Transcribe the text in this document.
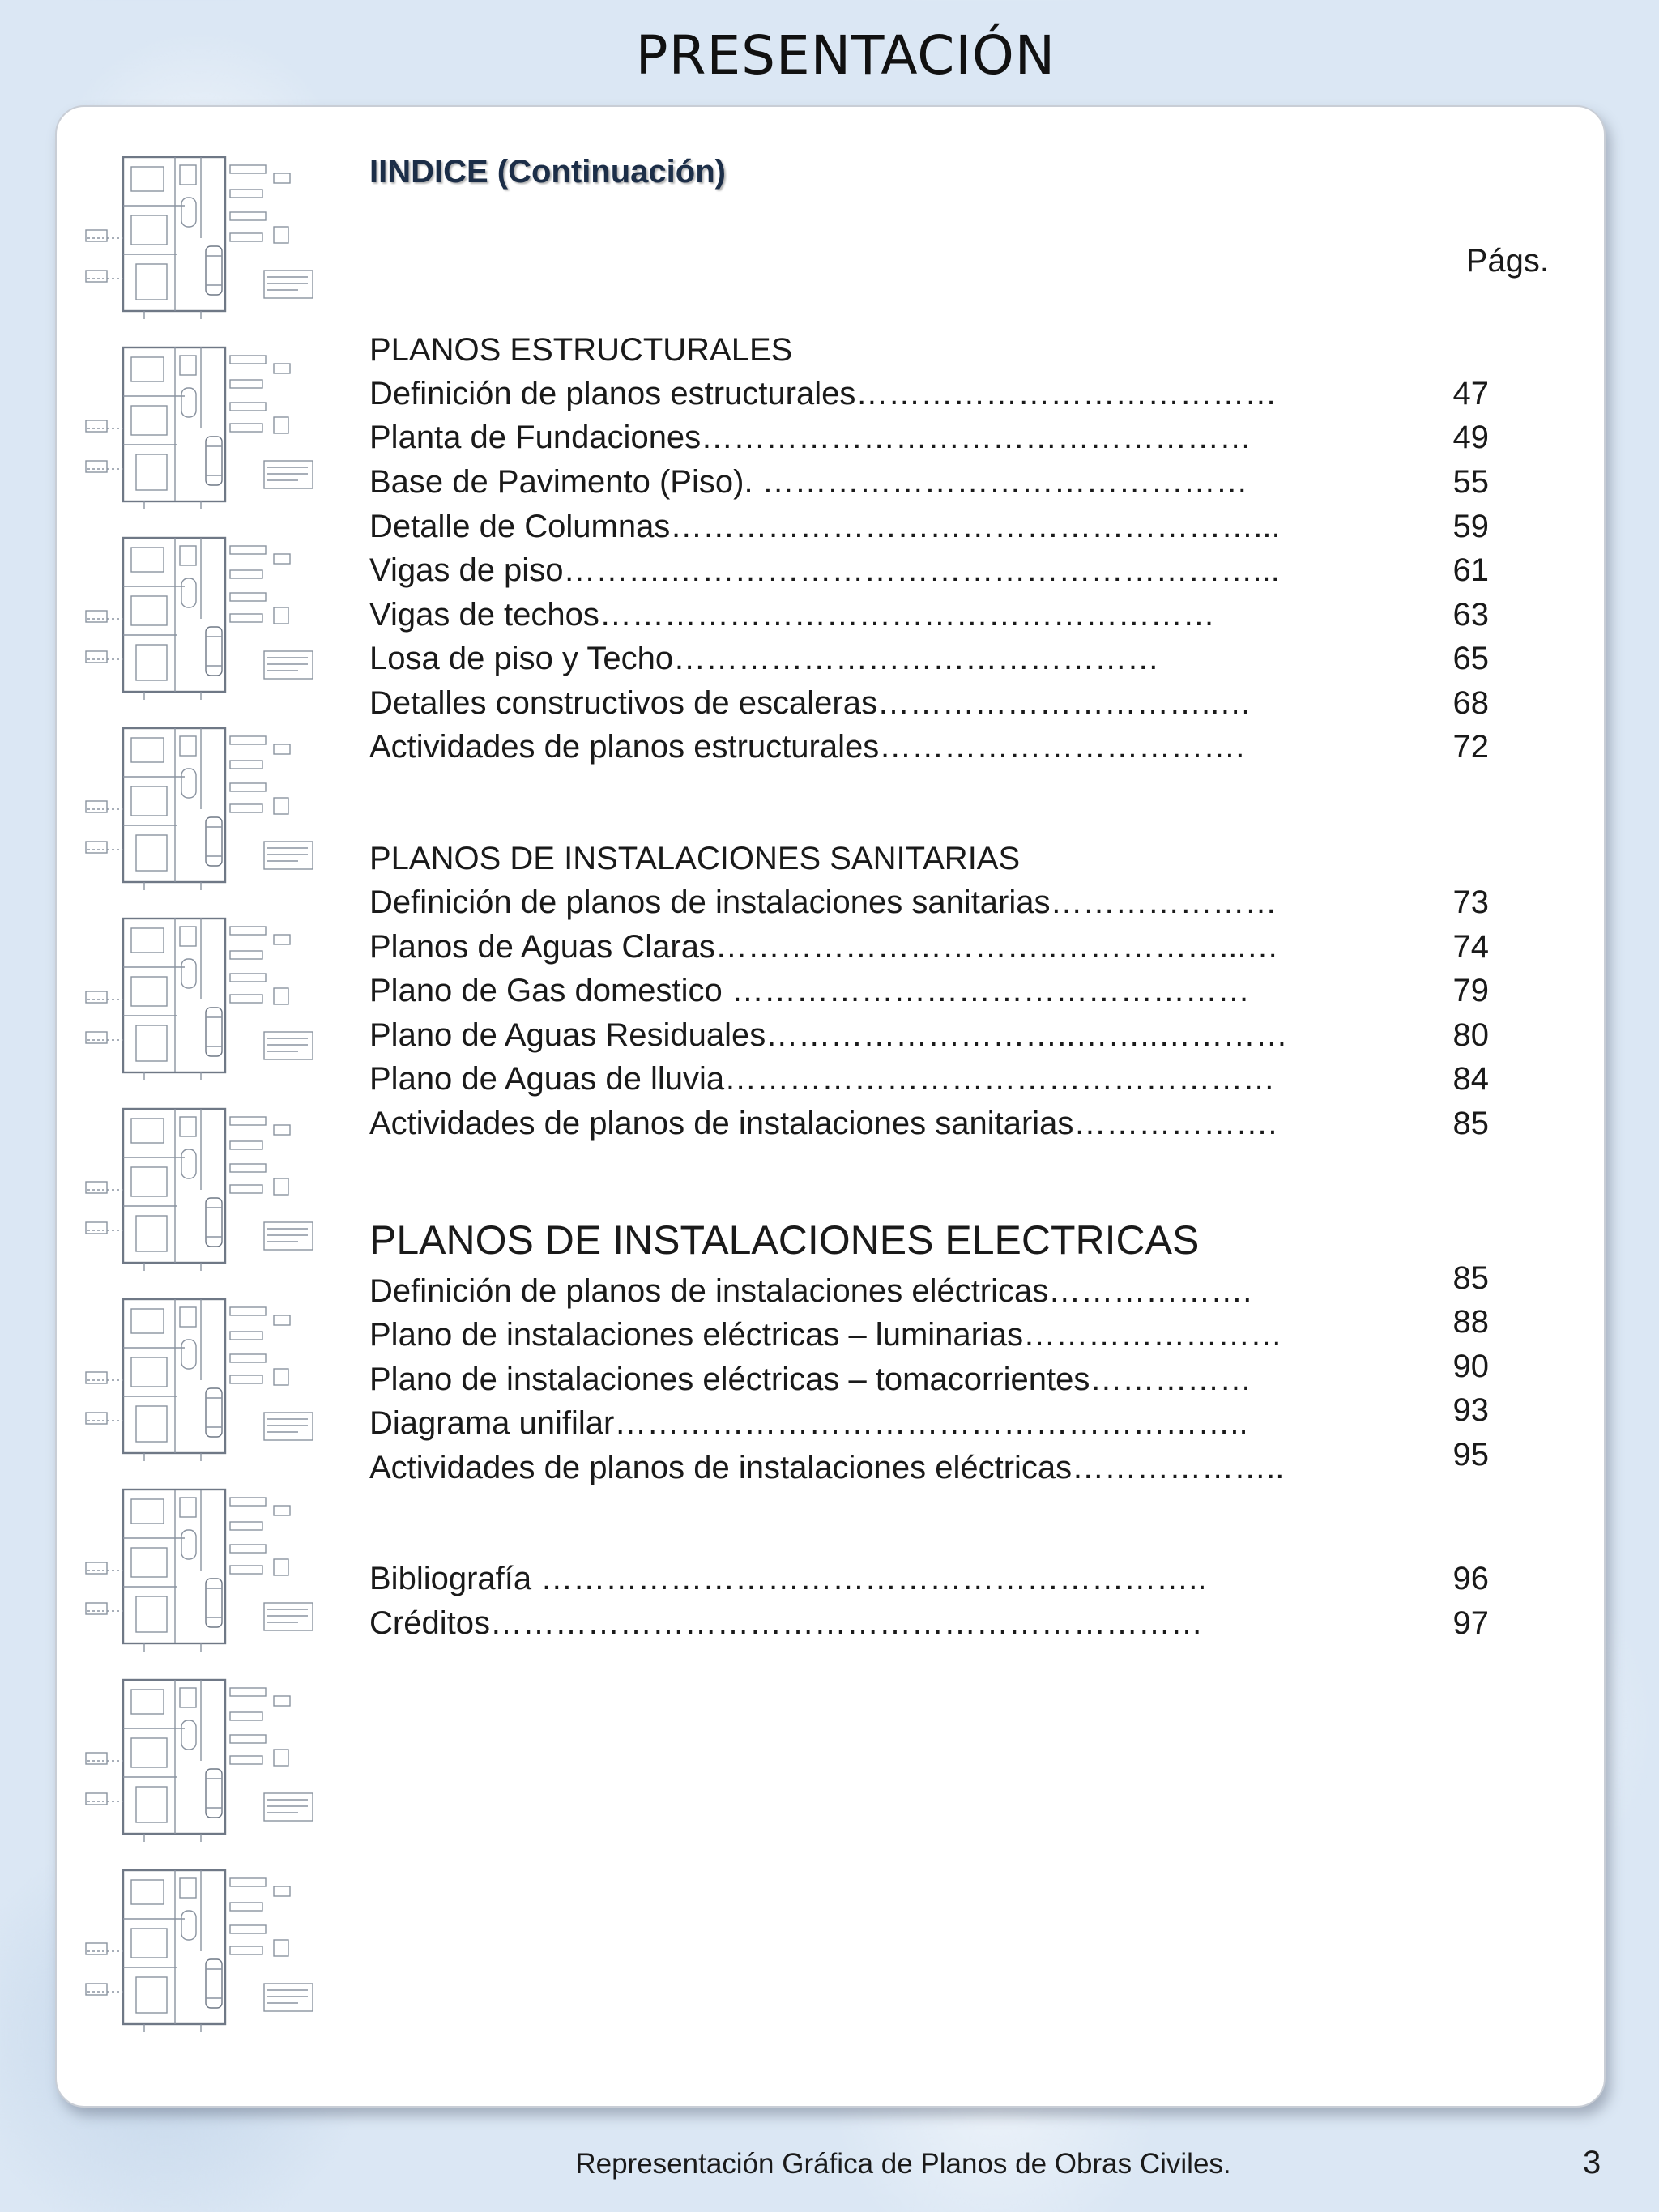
PRESENTACIÓN
IINDICE (Continuación)
Págs.
PLANOS ESTRUCTURALES
Definición de planos estructurales…………………………………	47
Planta de Fundaciones……………………………………………	49
Base de Pavimento (Piso). ………………………………………	55
Detalle de Columnas………………………………………………...	59
Vigas de piso……….………………………………………………...	61
Vigas de techos…………………………………………………	63
Losa de piso y Techo………………………………………	65
Detalles constructivos de escaleras…………………………..…	68
Actividades de planos estructurales…………………………….	72
PLANOS DE INSTALACIONES SANITARIAS
Definición de planos de instalaciones sanitarias…………………	73
Planos de Aguas Claras…………………………..……………...…	74
Plano de Gas domestico …………………………………………	79
Plano de Aguas Residuales………………………..……..…………	80
Plano de Aguas de lluvia……………………………………………	84
Actividades de planos de instalaciones sanitarias……………….	85
PLANOS DE INSTALACIONES ELECTRICAS
Definición de planos de instalaciones eléctricas……………….	85
Plano de instalaciones eléctricas – luminarias……………………	88
Plano de instalaciones eléctricas – tomacorrientes……………	90
Diagrama unifilar…………………………………………………..	93
Actividades de planos de instalaciones eléctricas………………..	95
Bibliografía ……………………………………………………..	96
Créditos…………………………………………………………	97
Representación Gráfica de Planos de Obras Civiles.	3
